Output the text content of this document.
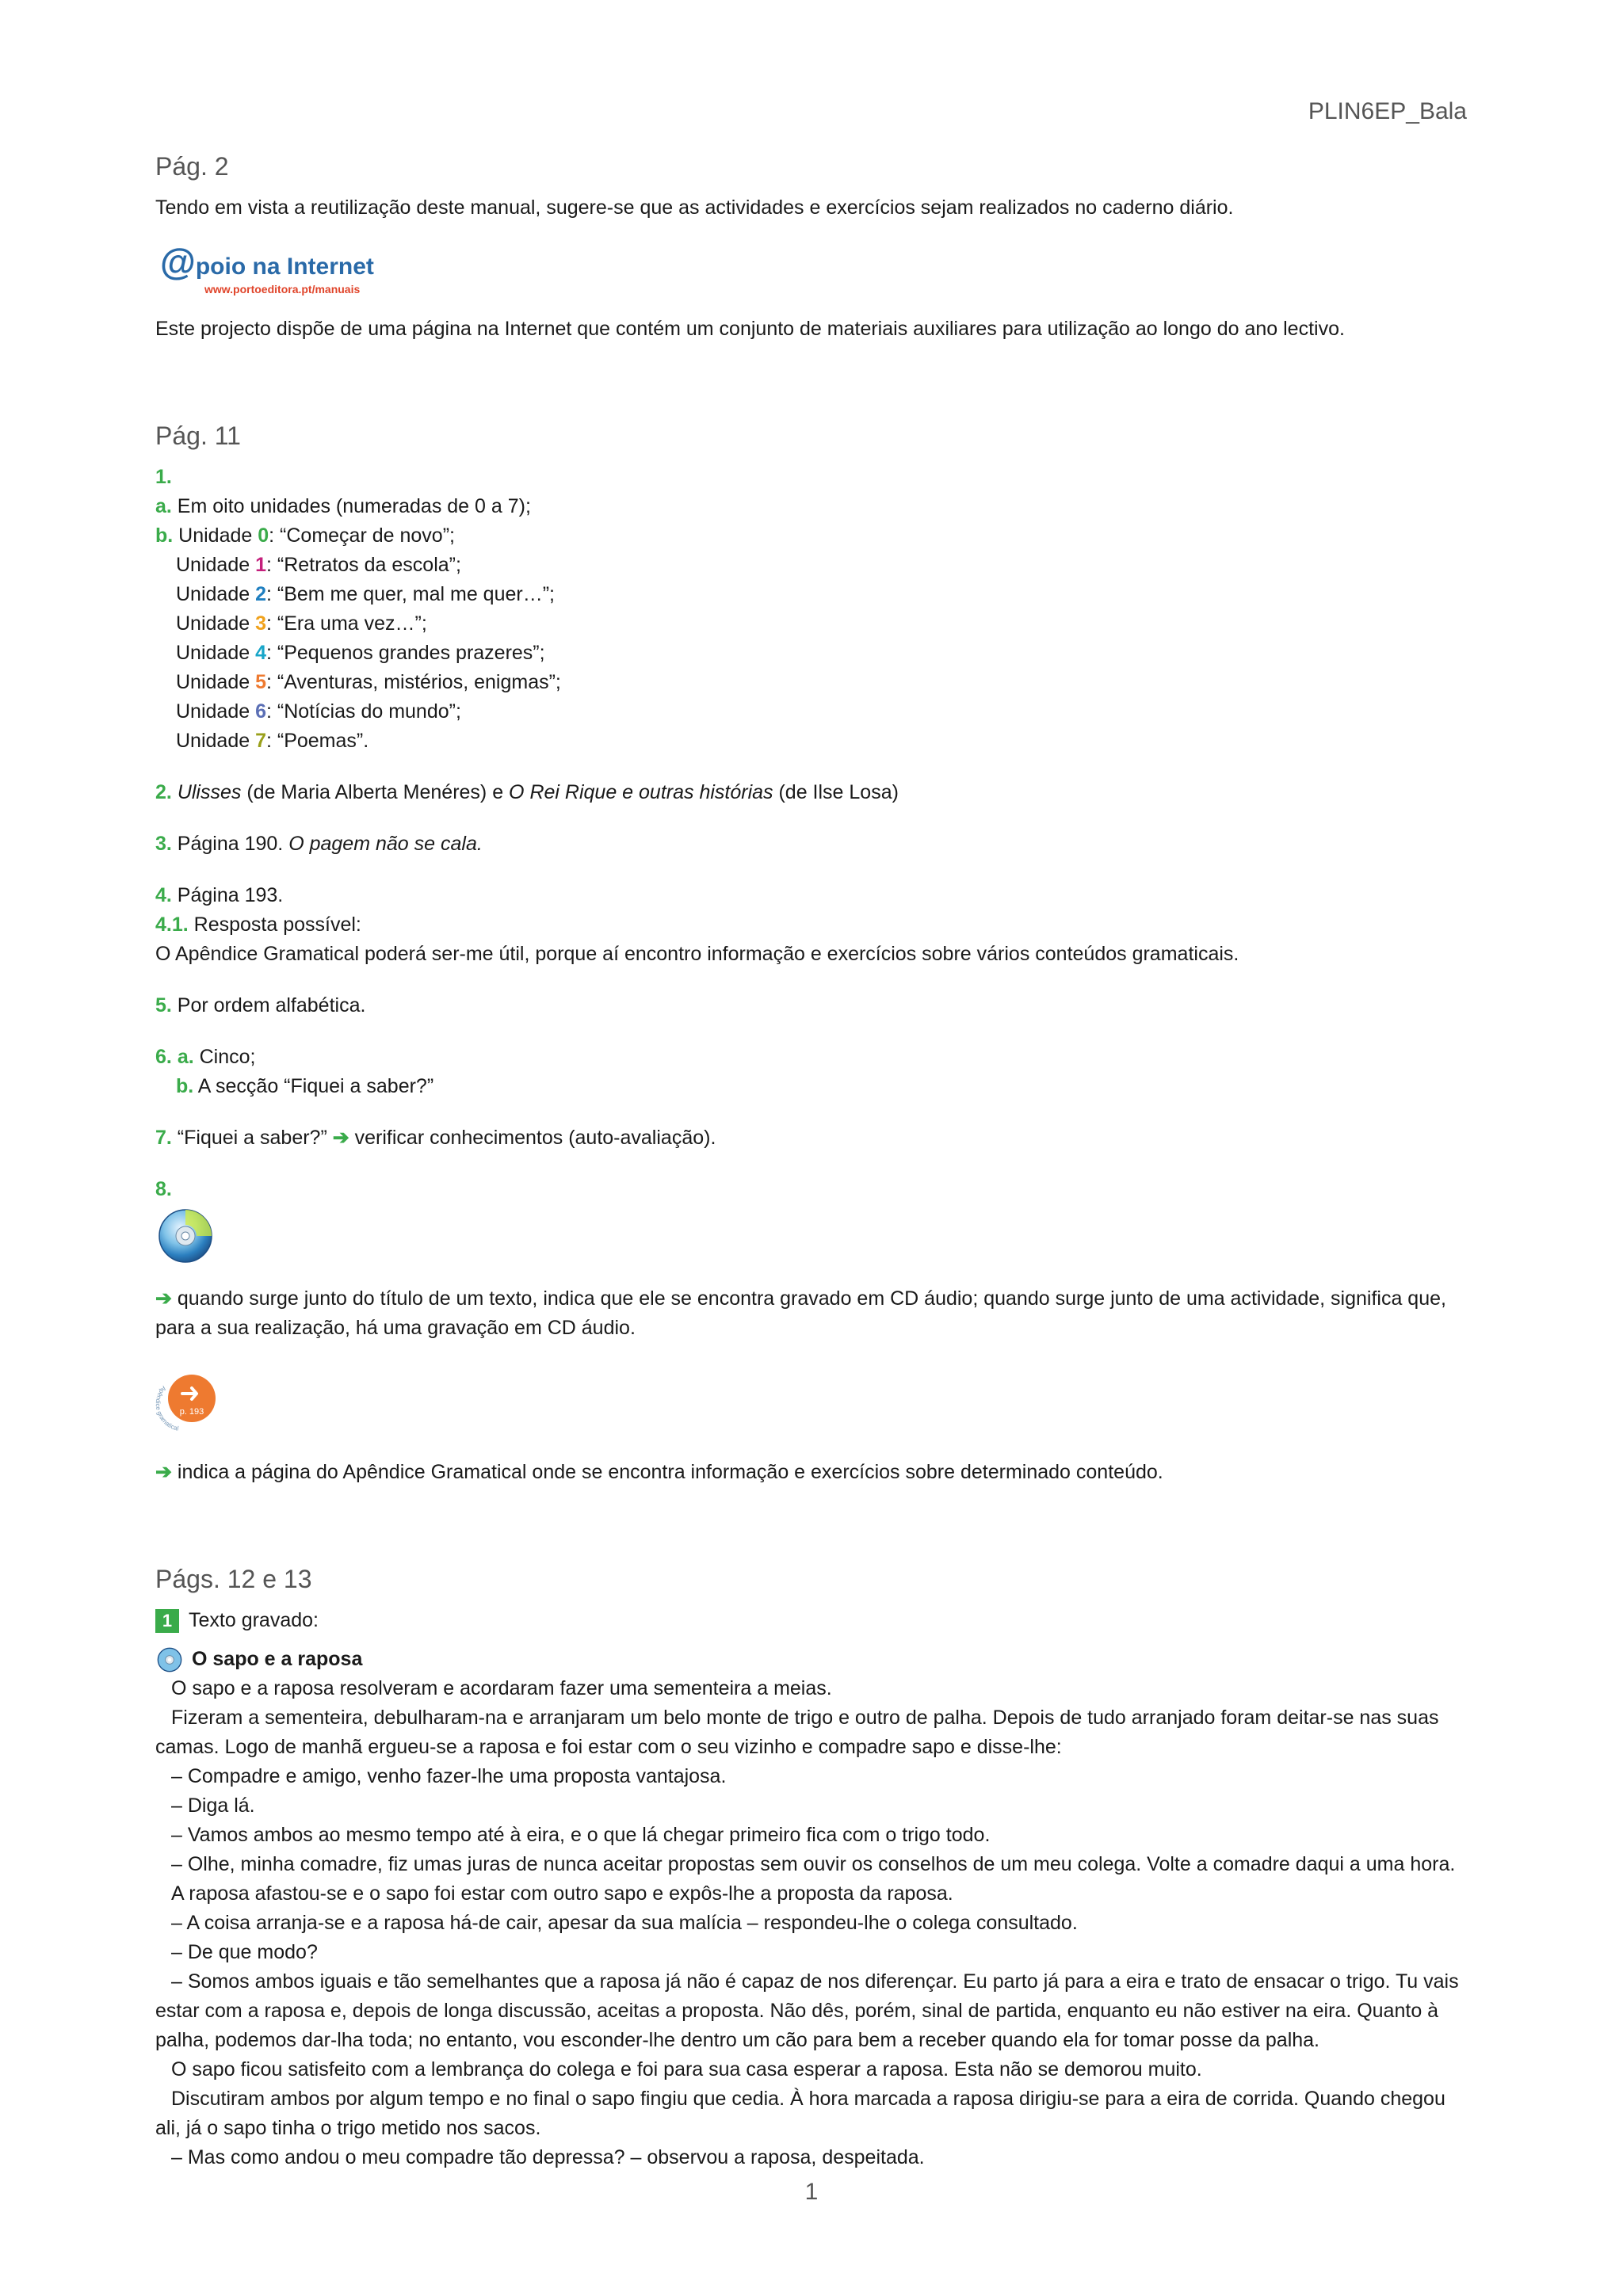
PLIN6EP_Bala
Pág. 2

Tendo em vista a reutilização deste manual, sugere-se que as actividades e exercícios sejam realizados no caderno diário.

@poio na Internet
www.portoeditora.pt/manuais

Este projecto dispõe de uma página na Internet que contém um conjunto de materiais auxiliares para utilização ao longo do ano lectivo.

Pág. 11

1.

a. Em oito unidades (numeradas de 0 a 7);

b. Unidade 0: “Começar de novo”;

Unidade 1: “Retratos da escola”;

Unidade 2: “Bem me quer, mal me quer…”;

Unidade 3: “Era uma vez…”;

Unidade 4: “Pequenos grandes prazeres”;

Unidade 5: “Aventuras, mistérios, enigmas”;

Unidade 6: “Notícias do mundo”;

Unidade 7: “Poemas”.

2. Ulisses (de Maria Alberta Menéres) e O Rei Rique e outras histórias (de Ilse Losa)

3. Página 190. O pagem não se cala.

4. Página 193.

4.1. Resposta possível:

O Apêndice Gramatical poderá ser-me útil, porque aí encontro informação e exercícios sobre vários conteúdos gramaticais.

5. Por ordem alfabética.

6. a. Cinco;

b. A secção “Fiquei a saber?”

7. “Fiquei a saber?” ➔ verificar conhecimentos (auto-avaliação).

8.

➔ quando surge junto do título de um texto, indica que ele se encontra gravado em CD áudio; quando surge junto de uma actividade, significa que, para a sua realização, há uma gravação em CD áudio.

Apên gramatical
p. 193

➔ indica a página do Apêndice Gramatical onde se encontra informação e exercícios sobre determinado conteúdo.

Págs. 12 e 13

1 Texto gravado:

O sapo e a raposa

O sapo e a raposa resolveram e acordaram fazer uma sementeira a meias.

Fizeram a sementeira, debulharam-na e arranjaram um belo monte de trigo e outro de palha. Depois de tudo arranjado foram deitar-se nas suas camas. Logo de manhã ergueu-se a raposa e foi estar com o seu vizinho e compadre sapo e disse-lhe:

– Compadre e amigo, venho fazer-lhe uma proposta vantajosa.

– Diga lá.

– Vamos ambos ao mesmo tempo até à eira, e o que lá chegar primeiro fica com o trigo todo.

– Olhe, minha comadre, fiz umas juras de nunca aceitar propostas sem ouvir os conselhos de um meu colega. Volte a comadre daqui a uma hora.

A raposa afastou-se e o sapo foi estar com outro sapo e expôs-lhe a proposta da raposa.

– A coisa arranja-se e a raposa há-de cair, apesar da sua malícia – respondeu-lhe o colega consultado.

– De que modo?

– Somos ambos iguais e tão semelhantes que a raposa já não é capaz de nos diferençar. Eu parto já para a eira e trato de ensacar o trigo. Tu vais estar com a raposa e, depois de longa discussão, aceitas a proposta. Não dês, porém, sinal de partida, enquanto eu não estiver na eira. Quanto à palha, podemos dar-lha toda; no entanto, vou esconder-lhe dentro um cão para bem a receber quando ela for tomar posse da palha.

O sapo ficou satisfeito com a lembrança do colega e foi para sua casa esperar a raposa. Esta não se demorou muito.

Discutiram ambos por algum tempo e no final o sapo fingiu que cedia. À hora marcada a raposa dirigiu-se para a eira de corrida. Quando chegou ali, já o sapo tinha o trigo metido nos sacos.

– Mas como andou o meu compadre tão depressa? – observou a raposa, despeitada.

1
